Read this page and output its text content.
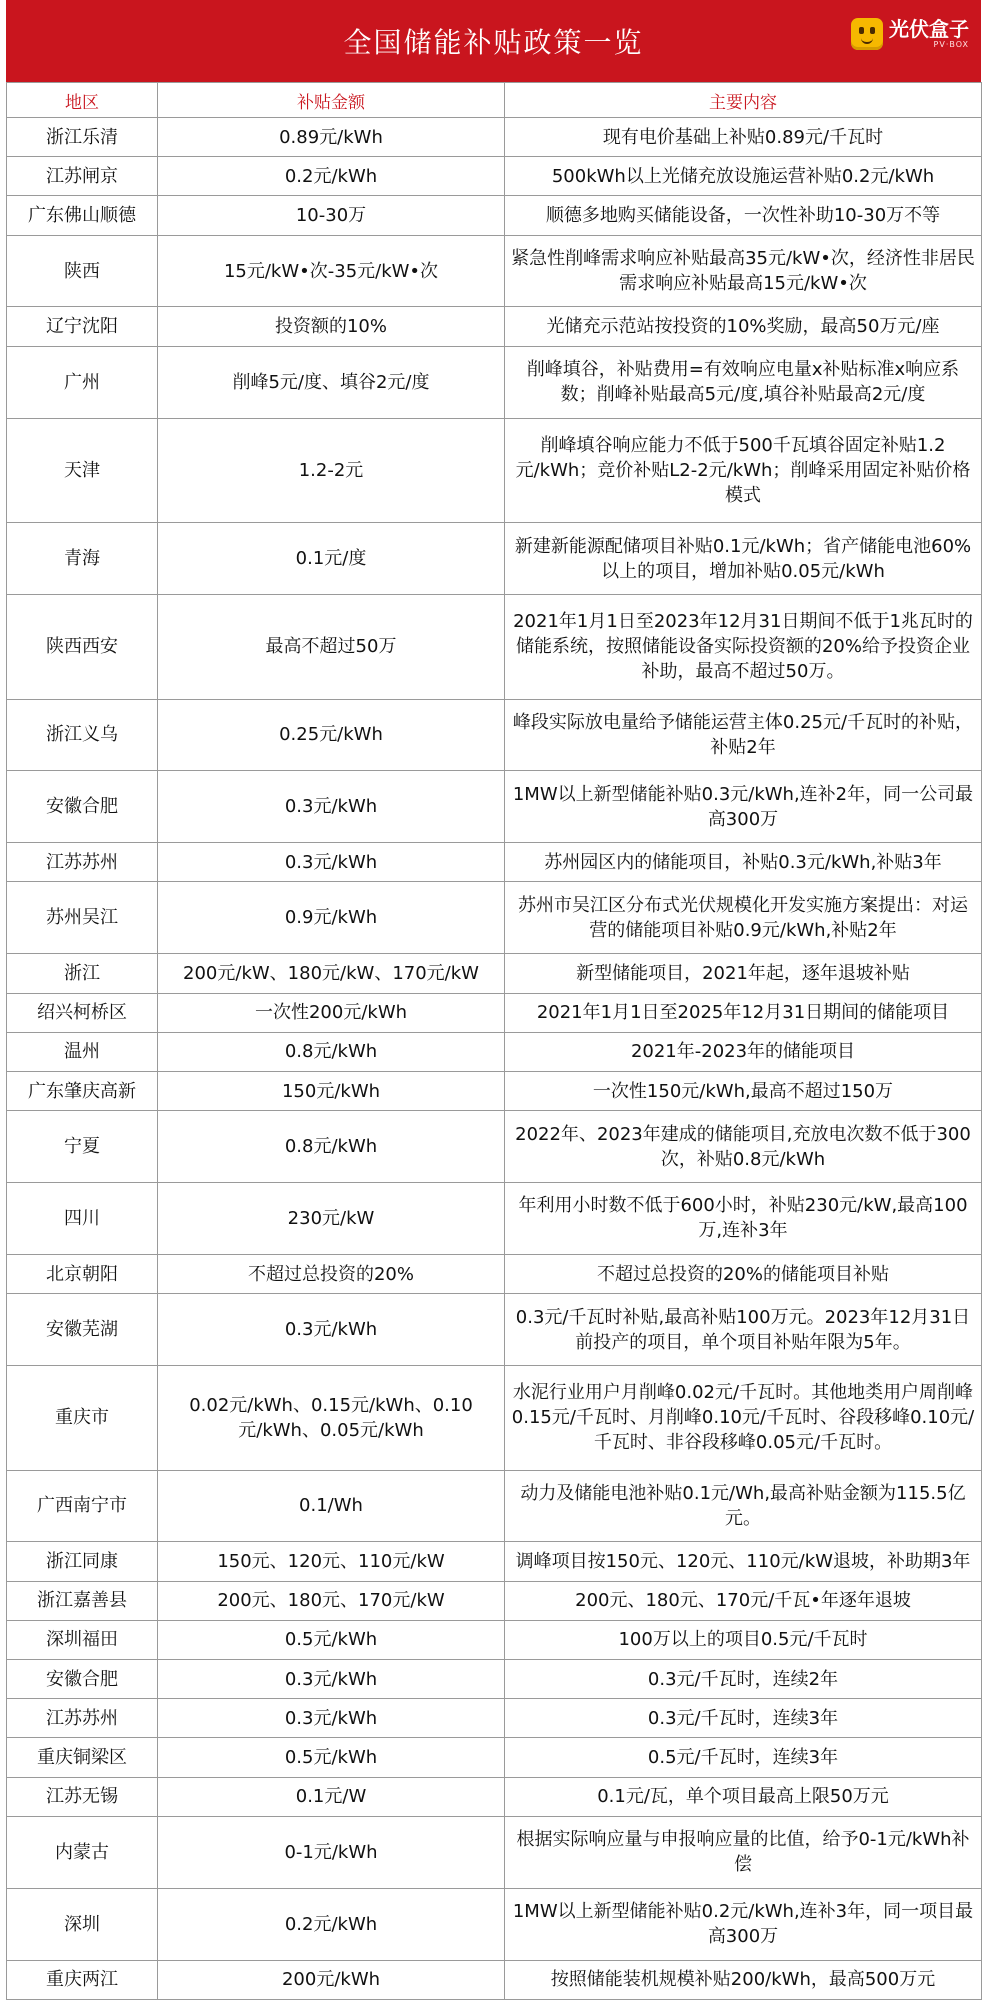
全国储能补贴政策一览	光伏盒子
PV·BOX
地区	补贴金额	主要内容
浙江乐清	0.89元/kWh	现有电价基础上补贴0.89元/千瓦时
江苏闸京	0.2元/kWh	500kWh以上光储充放设施运营补贴0.2元/kWh
广东佛山顺德	10-30万	顺德多地购买储能设备，一次性补助10-30万不等
陕西	15元/kW•次-35元/kW•次	紧急性削峰需求响应补贴最高35元/kW•次，经济性非居民需求响应补贴最高15元/kW•次
辽宁沈阳	投资额的10%	光储充示范站按投资的10%奖励，最高50万元/座
广州	削峰5元/度、填谷2元/度	削峰填谷，补贴费用=有效响应电量x补贴标准x响应系数；削峰补贴最高5元/度,填谷补贴最高2元/度
天津	1.2-2元	削峰填谷响应能力不低于500千瓦填谷固定补贴1.2元/kWh；竞价补贴L2-2元/kWh；削峰采用固定补贴价格模式
青海	0.1元/度	新建新能源配储项目补贴0.1元/kWh；省产储能电池60%以上的项目，增加补贴0.05元/kWh
陕西西安	最高不超过50万	2021年1月1日至2023年12月31日期间不低于1兆瓦时的储能系统，按照储能设备实际投资额的20%给予投资企业补助，最高不超过50万。
浙江义乌	0.25元/kWh	峰段实际放电量给予储能运营主体0.25元/千瓦时的补贴，补贴2年
安徽合肥	0.3元/kWh	1MW以上新型储能补贴0.3元/kWh,连补2年，同一公司最高300万
江苏苏州	0.3元/kWh	苏州园区内的储能项目，补贴0.3元/kWh,补贴3年
苏州吴江	0.9元/kWh	苏州市吴江区分布式光伏规模化开发实施方案提出：对运营的储能项目补贴0.9元/kWh,补贴2年
浙江	200元/kW、180元/kW、170元/kW	新型储能项目，2021年起，逐年退坡补贴
绍兴柯桥区	一次性200元/kWh	2021年1月1日至2025年12月31日期间的储能项目
温州	0.8元/kWh	2021年-2023年的储能项目
广东肇庆高新	150元/kWh	一次性150元/kWh,最高不超过150万
宁夏	0.8元/kWh	2022年、2023年建成的储能项目,充放电次数不低于300次，补贴0.8元/kWh
四川	230元/kW	年利用小时数不低于600小时，补贴230元/kW,最高100万,连补3年
北京朝阳	不超过总投资的20%	不超过总投资的20%的储能项目补贴
安徽芜湖	0.3元/kWh	0.3元/千瓦时补贴,最高补贴100万元。2023年12月31日前投产的项目，单个项目补贴年限为5年。
重庆市	0.02元/kWh、0.15元/kWh、0.10元/kWh、0.05元/kWh	水泥行业用户月削峰0.02元/千瓦时。其他地类用户周削峰0.15元/千瓦时、月削峰0.10元/千瓦时、谷段移峰0.10元/千瓦时、非谷段移峰0.05元/千瓦时。
广西南宁市	0.1/Wh	动力及储能电池补贴0.1元/Wh,最高补贴金额为115.5亿元。
浙江同康	150元、120元、110元/kW	调峰项目按150元、120元、110元/kW退坡，补助期3年
浙江嘉善县	200元、180元、170元/kW	200元、180元、170元/千瓦•年逐年退坡
深圳福田	0.5元/kWh	100万以上的项目0.5元/千瓦时
安徽合肥	0.3元/kWh	0.3元/千瓦时，连续2年
江苏苏州	0.3元/kWh	0.3元/千瓦时，连续3年
重庆铜梁区	0.5元/kWh	0.5元/千瓦时，连续3年
江苏无锡	0.1元/W	0.1元/瓦，单个项目最高上限50万元
内蒙古	0-1元/kWh	根据实际响应量与申报响应量的比值，给予0-1元/kWh补偿
深圳	0.2元/kWh	1MW以上新型储能补贴0.2元/kWh,连补3年，同一项目最高300万
重庆两江	200元/kWh	按照储能装机规模补贴200/kWh，最高500万元
